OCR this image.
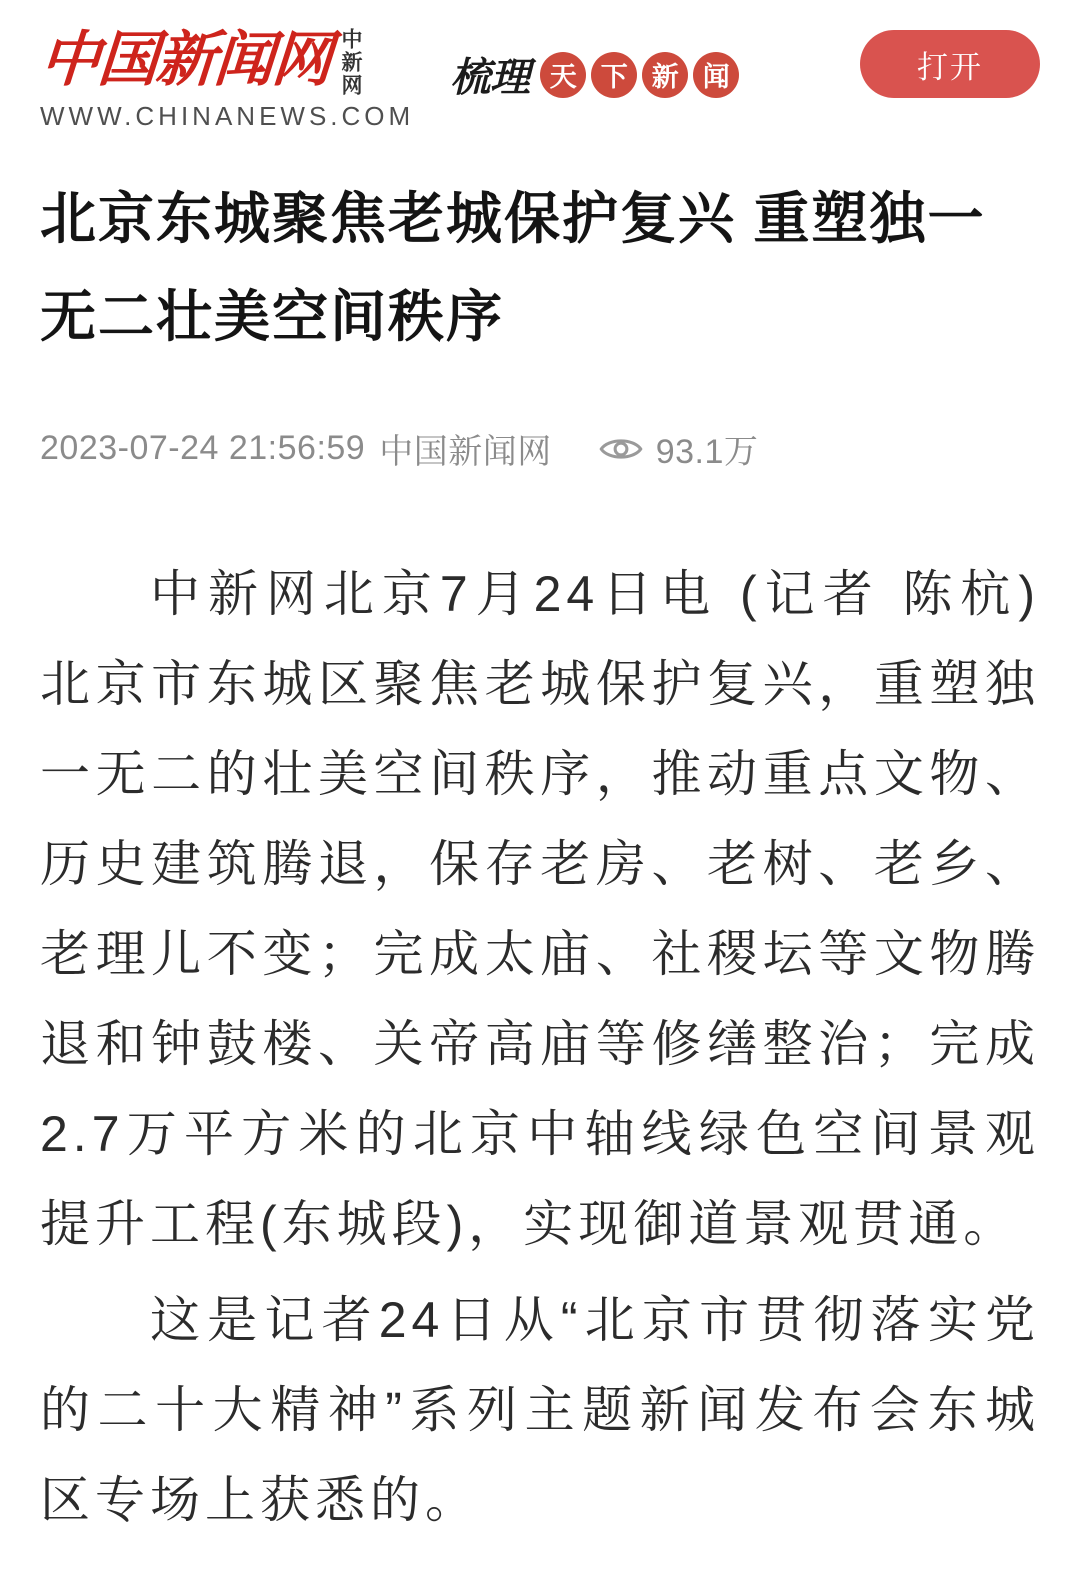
中国新闻网 中新网
WWW.CHINANEWS.COM
梳理 天 下 新 闻	打开
北京东城聚焦老城保护复兴 重塑独一
无二壮美空间秩序
2023-07-24 21:56:59 中国新闻网	93.1万

中新网北京7月24日电 (记者 陈杭)北京市东城区聚焦老城保护复兴，重塑独一无二的壮美空间秩序，推动重点文物、历史建筑腾退，保存老房、老树、老乡、老理儿不变；完成太庙、社稷坛等文物腾退和钟鼓楼、关帝高庙等修缮整治；完成2.7万平方米的北京中轴线绿色空间景观提升工程(东城段)，实现御道景观贯通。

这是记者24日从“北京市贯彻落实党的二十大精神”系列主题新闻发布会东城区专场上获悉的。
